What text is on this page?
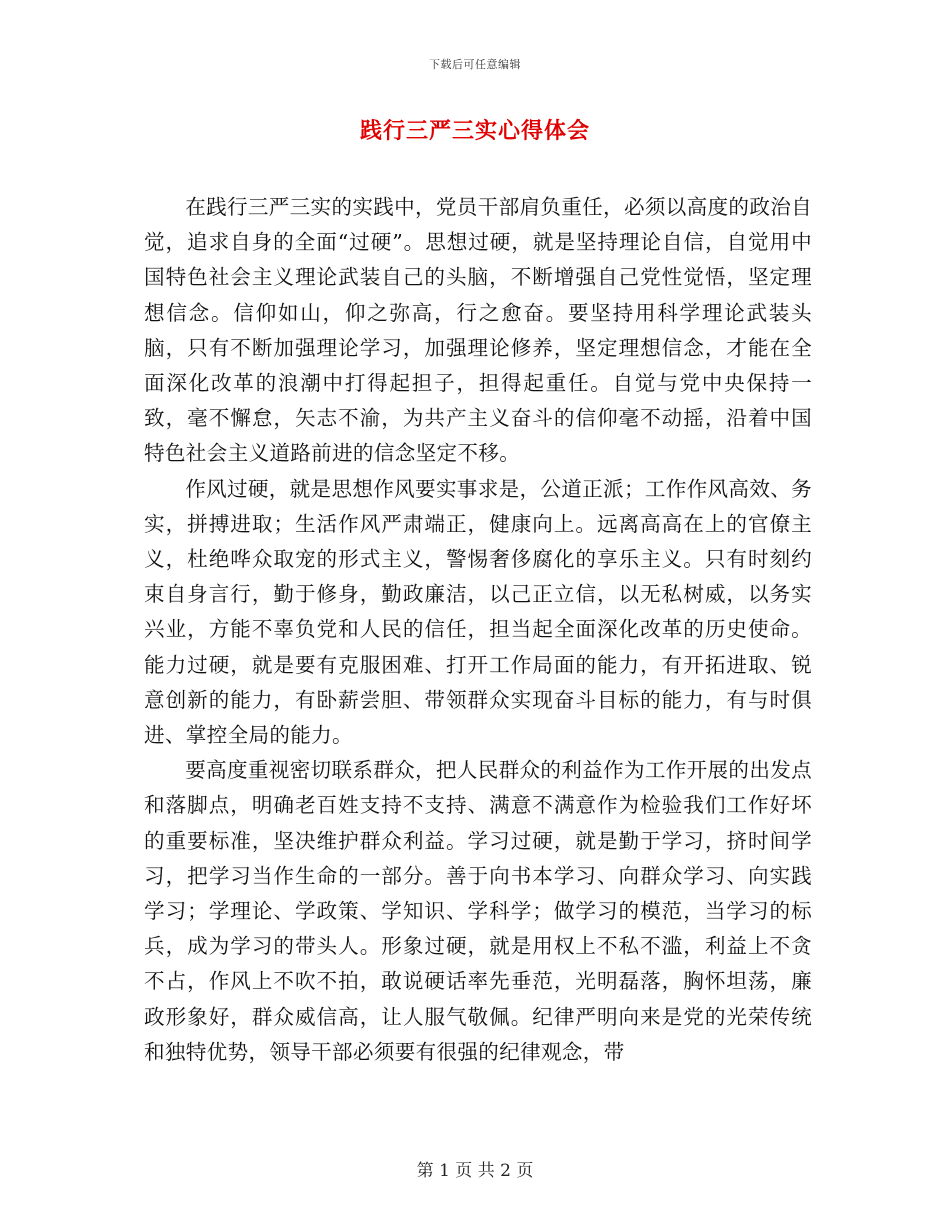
下载后可任意编辑
践行三严三实心得体会

在践行三严三实的实践中，党员干部肩负重任，必须以高度的政治自觉，追求自身的全面“过硬”。思想过硬，就是坚持理论自信，自觉用中国特色社会主义理论武装自己的头脑，不断增强自己党性觉悟，坚定理想信念。信仰如山，仰之弥高，行之愈奋。要坚持用科学理论武装头脑，只有不断加强理论学习，加强理论修养，坚定理想信念，才能在全面深化改革的浪潮中打得起担子，担得起重任。自觉与党中央保持一致，毫不懈怠，矢志不渝，为共产主义奋斗的信仰毫不动摇，沿着中国特色社会主义道路前进的信念坚定不移。

作风过硬，就是思想作风要实事求是，公道正派；工作作风高效、务实，拼搏进取；生活作风严肃端正，健康向上。远离高高在上的官僚主义，杜绝哗众取宠的形式主义，警惕奢侈腐化的享乐主义。只有时刻约束自身言行，勤于修身，勤政廉洁，以己正立信，以无私树威，以务实兴业，方能不辜负党和人民的信任，担当起全面深化改革的历史使命。能力过硬，就是要有克服困难、打开工作局面的能力，有开拓进取、锐意创新的能力，有卧薪尝胆、带领群众实现奋斗目标的能力，有与时俱进、掌控全局的能力。

要高度重视密切联系群众，把人民群众的利益作为工作开展的出发点和落脚点，明确老百姓支持不支持、满意不满意作为检验我们工作好坏的重要标准，坚决维护群众利益。学习过硬，就是勤于学习，挤时间学习，把学习当作生命的一部分。善于向书本学习、向群众学习、向实践学习；学理论、学政策、学知识、学科学；做学习的模范，当学习的标兵，成为学习的带头人。形象过硬，就是用权上不私不滥，利益上不贪不占，作风上不吹不拍，敢说硬话率先垂范，光明磊落，胸怀坦荡，廉政形象好，群众威信高，让人服气敬佩。纪律严明向来是党的光荣传统和独特优势，领导干部必须要有很强的纪律观念，带

第 1 页 共 2 页
